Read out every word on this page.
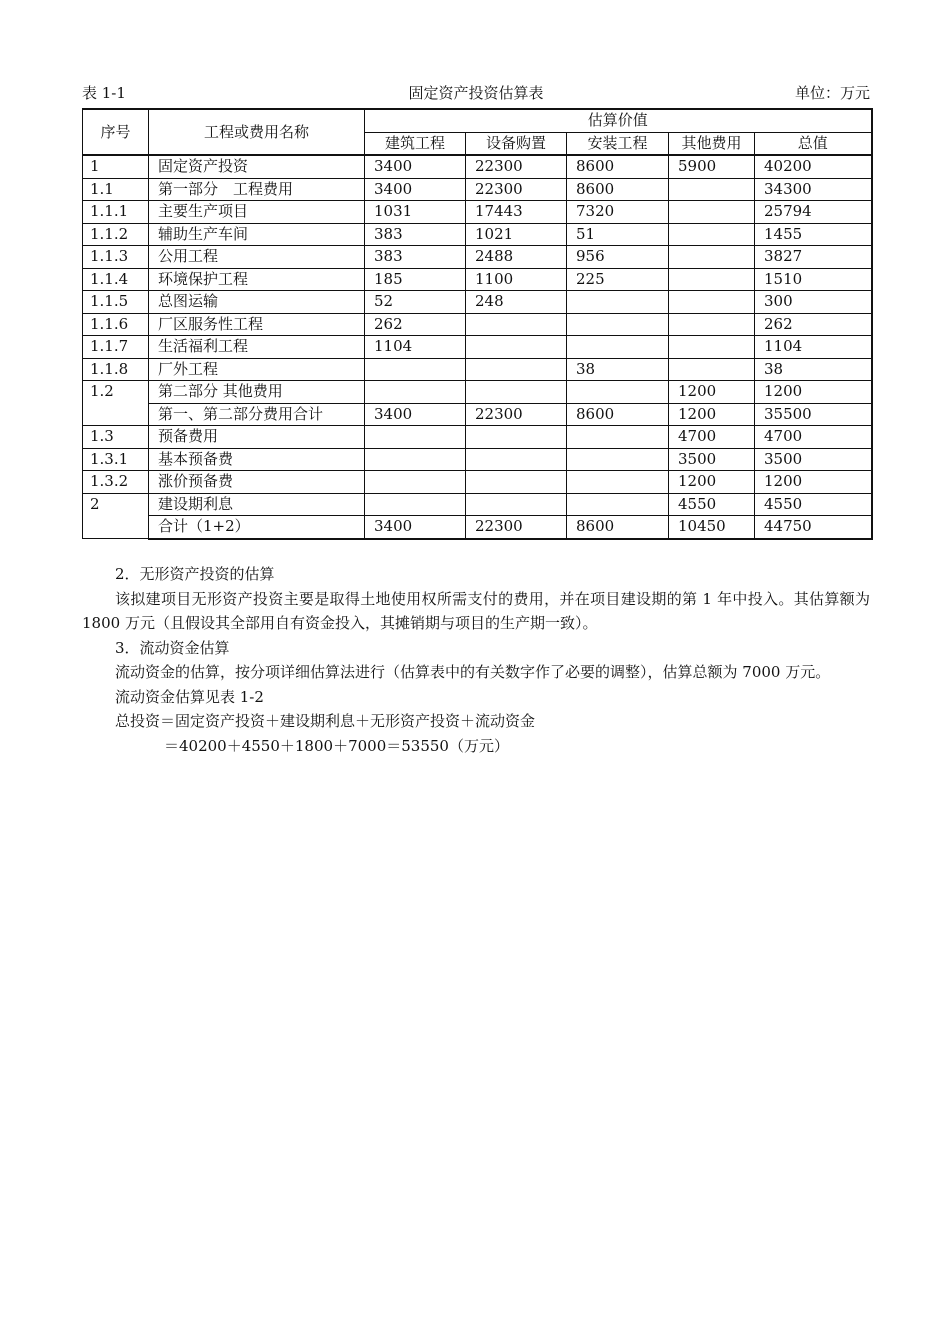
表 1-1	固定资产投资估算表	单位：万元
序号	工程或费用名称	估算价值				
		建筑工程	设备购置	安装工程	其他费用	总值
1	固定资产投资	3400	22300	8600	5900	40200
1.1	第一部分　工程费用	3400	22300	8600		34300
1.1.1	主要生产项目	1031	17443	7320		25794
1.1.2	辅助生产车间	383	1021	51		1455
1.1.3	公用工程	383	2488	956		3827
1.1.4	环境保护工程	185	1100	225		1510
1.1.5	总图运输	52	248			300
1.1.6	厂区服务性工程	262				262
1.1.7	生活福利工程	1104				1104
1.1.8	厂外工程			38		38
1.2	第二部分 其他费用				1200	1200
	第一、第二部分费用合计	3400	22300	8600	1200	35500
1.3	预备费用				4700	4700
1.3.1	基本预备费				3500	3500
1.3.2	涨价预备费				1200	1200
2	建设期利息				4550	4550
	合计（1+2）	3400	22300	8600	10450	44750

2．无形资产投资的估算

该拟建项目无形资产投资主要是取得土地使用权所需支付的费用，并在项目建设期的第 1 年中投入。其估算额为 1800 万元（且假设其全部用自有资金投入，其摊销期与项目的生产期一致）。

3．流动资金估算

流动资金的估算，按分项详细估算法进行（估算表中的有关数字作了必要的调整），估算总额为 7000 万元。

流动资金估算见表 1-2

总投资＝固定资产投资＋建设期利息＋无形资产投资＋流动资金

＝40200＋4550＋1800＋7000＝53550（万元）
